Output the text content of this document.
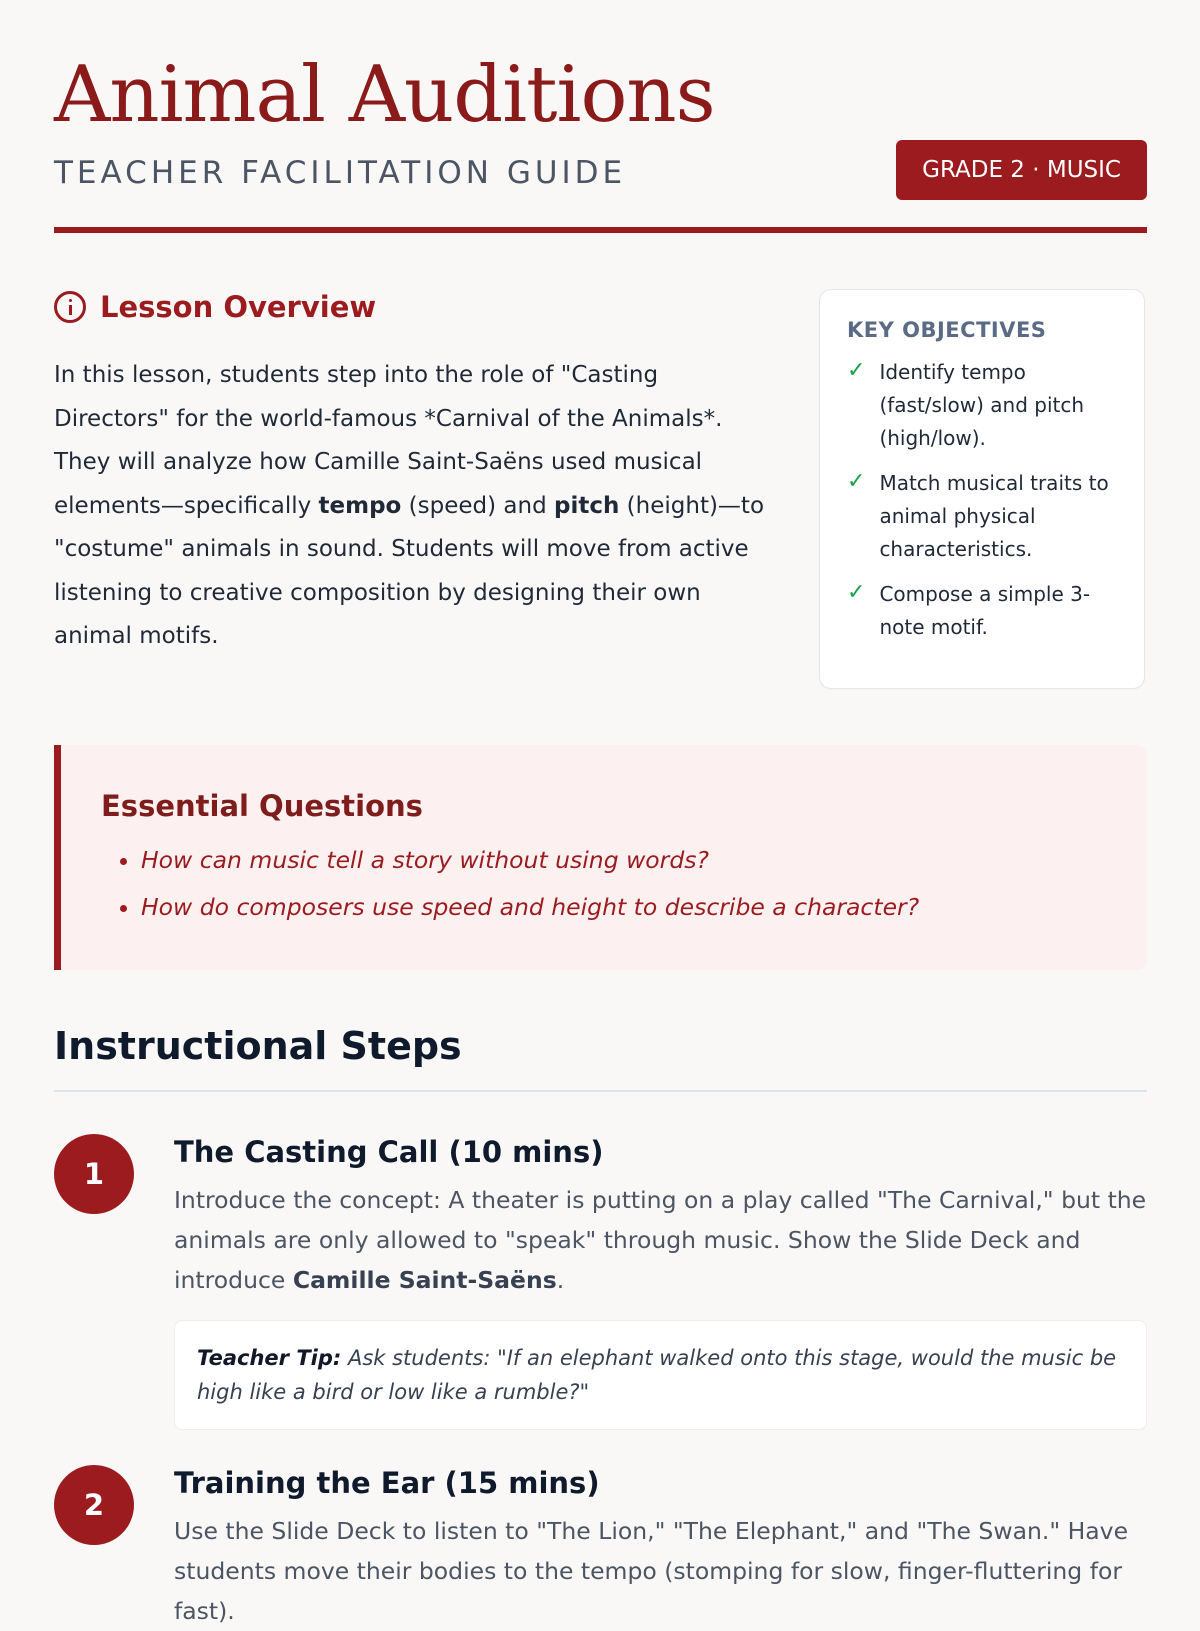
Animal Auditions
TEACHER FACILITATION GUIDE	GRADE 2 · MUSIC
Lesson Overview

In this lesson, students step into the role of "Casting Directors" for the world-famous *Carnival of the Animals*. They will analyze how Camille Saint-Saëns used musical elements—specifically tempo (speed) and pitch (height)—to "costume" animals in sound. Students will move from active listening to creative composition by designing their own animal motifs.

KEY OBJECTIVES
✓ Identify tempo (fast/slow) and pitch (high/low).
✓ Match musical traits to animal physical characteristics.
✓ Compose a simple 3-note motif.
Essential Questions
• How can music tell a story without using words?
• How do composers use speed and height to describe a character?
Instructional Steps
1
The Casting Call (10 mins)

Introduce the concept: A theater is putting on a play called "The Carnival," but the animals are only allowed to "speak" through music. Show the Slide Deck and introduce Camille Saint-Saëns.

Teacher Tip: Ask students: "If an elephant walked onto this stage, would the music be high like a bird or low like a rumble?"
2
Training the Ear (15 mins)

Use the Slide Deck to listen to "The Lion," "The Elephant," and "The Swan." Have students move their bodies to the tempo (stomping for slow, finger-fluttering for fast).
